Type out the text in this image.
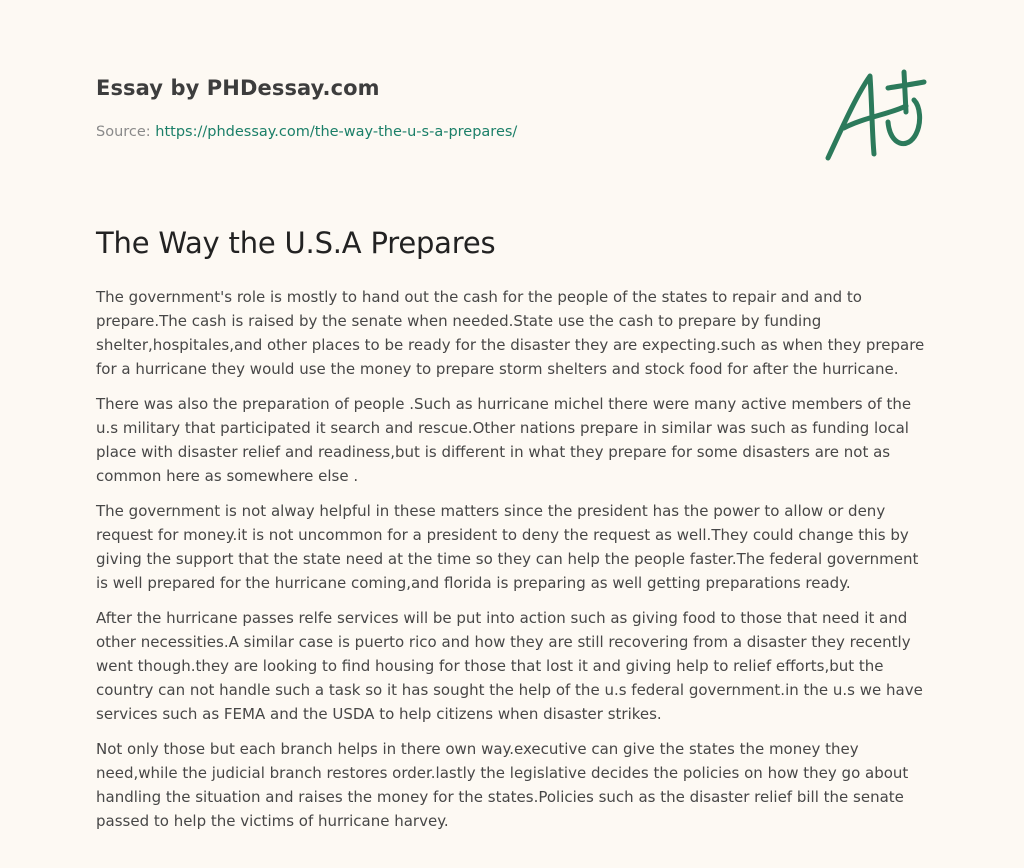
Essay by PHDessay.com
Source: https://phdessay.com/the-way-the-u-s-a-prepares/
The Way the U.S.A Prepares

The government's role is mostly to hand out the cash for the people of the states to repair and and to prepare.The cash is raised by the senate when needed.State use the cash to prepare by funding shelter,hospitales,and other places to be ready for the disaster they are expecting.such as when they prepare for a hurricane they would use the money to prepare storm shelters and stock food for after the hurricane.

There was also the preparation of people .Such as hurricane michel there were many active members of the u.s military that participated it search and rescue.Other nations prepare in similar was such as funding local place with disaster relief and readiness,but is different in what they prepare for some disasters are not as common here as somewhere else .

The government is not alway helpful in these matters since the president has the power to allow or deny request for money.it is not uncommon for a president to deny the request as well.They could change this by giving the support that the state need at the time so they can help the people faster.The federal government is well prepared for the hurricane coming,and florida is preparing as well getting preparations ready.

After the hurricane passes relfe services will be put into action such as giving food to those that need it and other necessities.A similar case is puerto rico and how they are still recovering from a disaster they recently went though.they are looking to find housing for those that lost it and giving help to relief efforts,but the country can not handle such a task so it has sought the help of the u.s federal government.in the u.s we have services such as FEMA and the USDA to help citizens when disaster strikes.

Not only those but each branch helps in there own way.executive can give the states the money they need,while the judicial branch restores order.lastly the legislative decides the policies on how they go about handling the situation and raises the money for the states.Policies such as the disaster relief bill the senate passed to help the victims of hurricane harvey.
